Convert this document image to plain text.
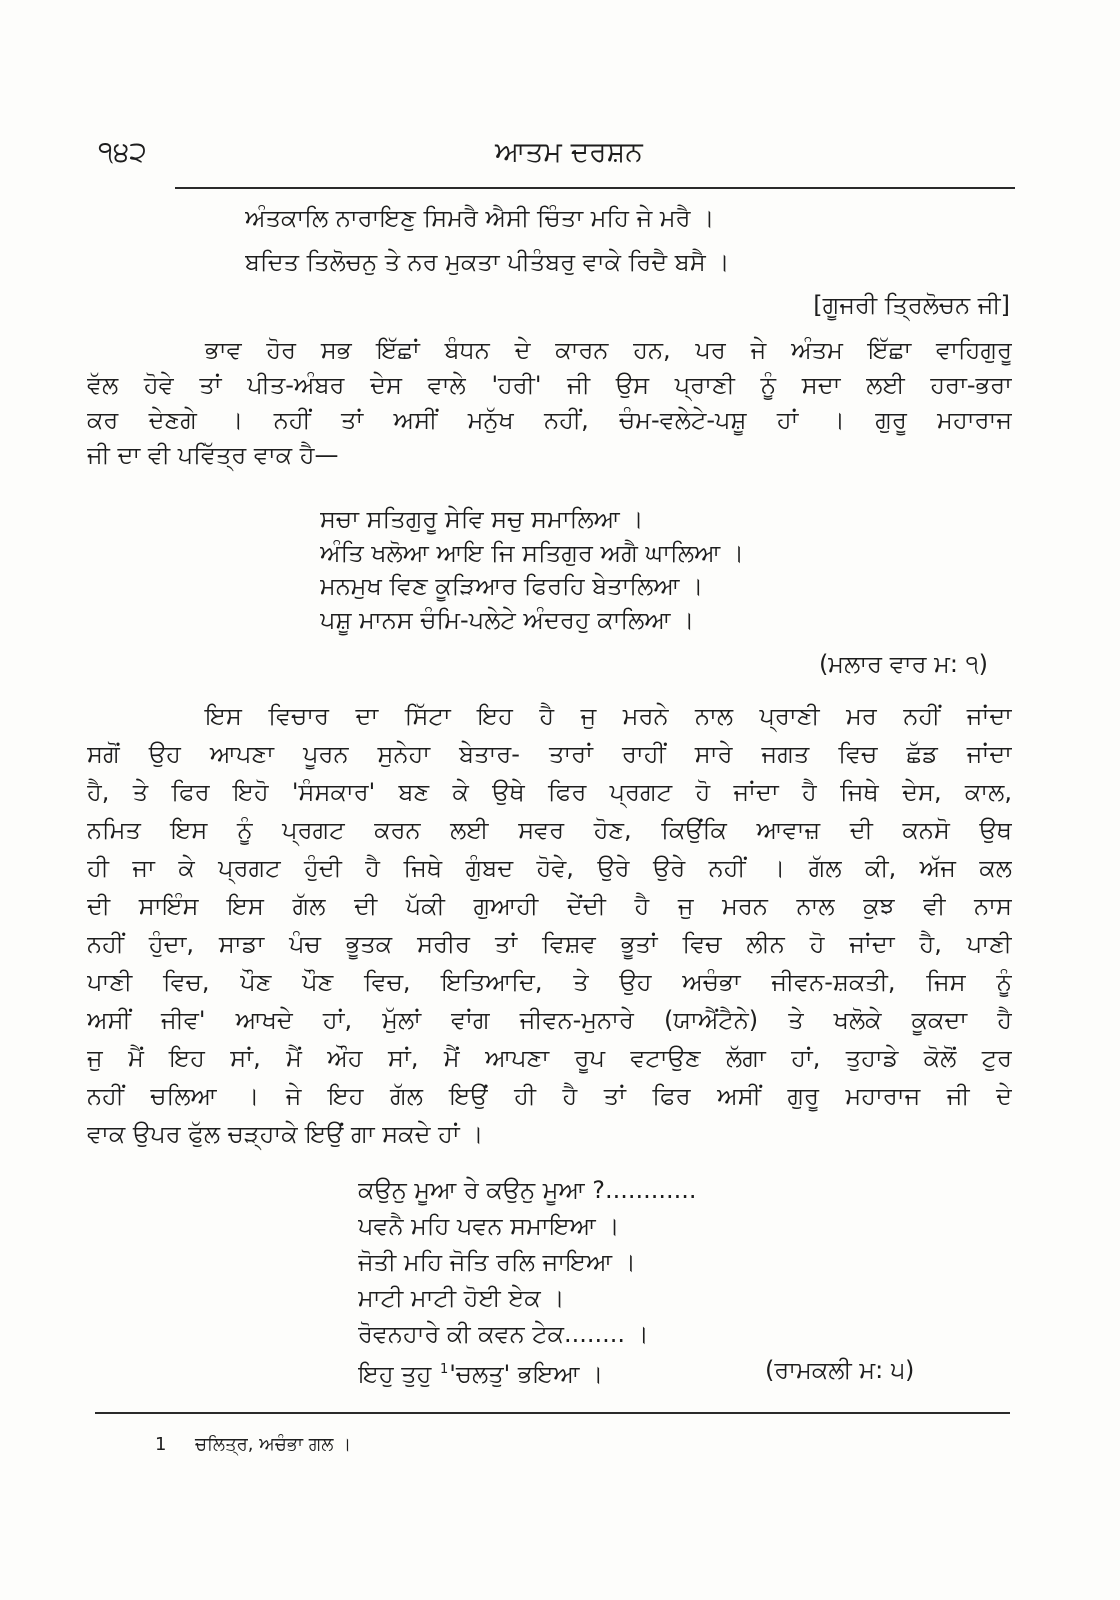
੧੪੨	ਆਤਮ ਦਰਸ਼ਨ
ਅੰਤਕਾਲਿ ਨਾਰਾਇਣੁ ਸਿਮਰੈ ਐਸੀ ਚਿੰਤਾ ਮਹਿ ਜੇ ਮਰੈ ।
ਬਦਿਤ ਤਿਲੋਚਨੁ ਤੇ ਨਰ ਮੁਕਤਾ ਪੀਤੰਬਰੁ ਵਾਕੇ ਰਿਦੈ ਬਸੈ ।
[ਗੂਜਰੀ ਤ੍ਰਿਲੋਚਨ ਜੀ]
ਭਾਵ ਹੋਰ ਸਭ ਇੱਛਾਂ ਬੰਧਨ ਦੇ ਕਾਰਨ ਹਨ, ਪਰ ਜੇ ਅੰਤਮ ਇੱਛਾ ਵਾਹਿਗੁਰੂ
ਵੱਲ ਹੋਵੇ ਤਾਂ ਪੀਤ-ਅੰਬਰ ਦੇਸ ਵਾਲੇ 'ਹਰੀ' ਜੀ ਉਸ ਪ੍ਰਾਣੀ ਨੂੰ ਸਦਾ ਲਈ ਹਰਾ-ਭਰਾ
ਕਰ ਦੇਣਗੇ । ਨਹੀਂ ਤਾਂ ਅਸੀਂ ਮਨੁੱਖ ਨਹੀਂ, ਚੰਮ-ਵਲੇਟੇ-ਪਸ਼ੂ ਹਾਂ । ਗੁਰੂ ਮਹਾਰਾਜ
ਜੀ ਦਾ ਵੀ ਪਵਿੱਤ੍ਰ ਵਾਕ ਹੈ—
ਸਚਾ ਸਤਿਗੁਰੂ ਸੇਵਿ ਸਚੁ ਸਮਾਲਿਆ ।
ਅੰਤਿ ਖਲੋਆ ਆਇ ਜਿ ਸਤਿਗੁਰ ਅਗੈ ਘਾਲਿਆ ।
ਮਨਮੁਖ ਵਿਣ ਕੂੜਿਆਰ ਫਿਰਹਿ ਬੇਤਾਲਿਆ ।
ਪਸ਼ੂ ਮਾਨਸ ਚੰਮਿ-ਪਲੇਟੇ ਅੰਦਰਹੁ ਕਾਲਿਆ ।
(ਮਲਾਰ ਵਾਰ ਮ: ੧)
ਇਸ ਵਿਚਾਰ ਦਾ ਸਿੱਟਾ ਇਹ ਹੈ ਜੁ ਮਰਨੇ ਨਾਲ ਪ੍ਰਾਣੀ ਮਰ ਨਹੀਂ ਜਾਂਦਾ
ਸਗੋਂ ਉਹ ਆਪਣਾ ਪੂਰਨ ਸੁਨੇਹਾ ਬੇਤਾਰ- ਤਾਰਾਂ ਰਾਹੀਂ ਸਾਰੇ ਜਗਤ ਵਿਚ ਛੱਡ ਜਾਂਦਾ
ਹੈ, ਤੇ ਫਿਰ ਇਹੋ 'ਸੰਸਕਾਰ' ਬਣ ਕੇ ਉਥੇ ਫਿਰ ਪ੍ਰਗਟ ਹੋ ਜਾਂਦਾ ਹੈ ਜਿਥੇ ਦੇਸ, ਕਾਲ,
ਨਮਿਤ ਇਸ ਨੂੰ ਪ੍ਰਗਟ ਕਰਨ ਲਈ ਸਵਰ ਹੋਣ, ਕਿਉਂਕਿ ਆਵਾਜ਼ ਦੀ ਕਨਸੋ ਉਥ
ਹੀ ਜਾ ਕੇ ਪ੍ਰਗਟ ਹੁੰਦੀ ਹੈ ਜਿਥੇ ਗੁੰਬਦ ਹੋਵੇ, ਉਰੇ ਉਰੇ ਨਹੀਂ । ਗੱਲ ਕੀ, ਅੱਜ ਕਲ
ਦੀ ਸਾਇੰਸ ਇਸ ਗੱਲ ਦੀ ਪੱਕੀ ਗੁਆਹੀ ਦੇਂਦੀ ਹੈ ਜੁ ਮਰਨ ਨਾਲ ਕੁਝ ਵੀ ਨਾਸ
ਨਹੀਂ ਹੁੰਦਾ, ਸਾਡਾ ਪੰਚ ਭੂਤਕ ਸਰੀਰ ਤਾਂ ਵਿਸ਼ਵ ਭੂਤਾਂ ਵਿਚ ਲੀਨ ਹੋ ਜਾਂਦਾ ਹੈ, ਪਾਣੀ
ਪਾਣੀ ਵਿਚ, ਪੌਣ ਪੌਣ ਵਿਚ, ਇਤਿਆਦਿ, ਤੇ ਉਹ ਅਚੰਭਾ ਜੀਵਨ-ਸ਼ਕਤੀ, ਜਿਸ ਨੂੰ
ਅਸੀਂ ਜੀਵ' ਆਖਦੇ ਹਾਂ, ਮੁੱਲਾਂ ਵਾਂਗ ਜੀਵਨ-ਮੁਨਾਰੇ (ਯਾਐਂਟੈਨੇ) ਤੇ ਖਲੋਕੇ ਕੂਕਦਾ ਹੈ
ਜੁ ਮੈਂ ਇਹ ਸਾਂ, ਮੈਂ ਔਹ ਸਾਂ, ਮੈਂ ਆਪਣਾ ਰੂਪ ਵਟਾਉਣ ਲੱਗਾ ਹਾਂ, ਤੁਹਾਡੇ ਕੋਲੋਂ ਟੁਰ
ਨਹੀਂ ਚਲਿਆ । ਜੇ ਇਹ ਗੱਲ ਇਉਂ ਹੀ ਹੈ ਤਾਂ ਫਿਰ ਅਸੀਂ ਗੁਰੂ ਮਹਾਰਾਜ ਜੀ ਦੇ
ਵਾਕ ਉਪਰ ਫੁੱਲ ਚੜ੍ਹਾਕੇ ਇਉਂ ਗਾ ਸਕਦੇ ਹਾਂ ।
ਕਉਨੁ ਮੂਆ ਰੇ ਕਉਨੁ ਮੂਆ ?............
ਪਵਨੈ ਮਹਿ ਪਵਨ ਸਮਾਇਆ ।
ਜੋਤੀ ਮਹਿ ਜੋਤਿ ਰਲਿ ਜਾਇਆ ।
ਮਾਟੀ ਮਾਟੀ ਹੋਈ ਏਕ ।
ਰੋਵਨਹਾਰੇ ਕੀ ਕਵਨ ਟੇਕ........ ।
ਇਹੁ ਤੁਹੁ $^1$'ਚਲਤੁ' ਭਇਆ ।	(ਰਾਮਕਲੀ ਮ: ੫)
1 ਚਲਿਤ੍ਰ, ਅਚੰਭਾ ਗਲ ।
